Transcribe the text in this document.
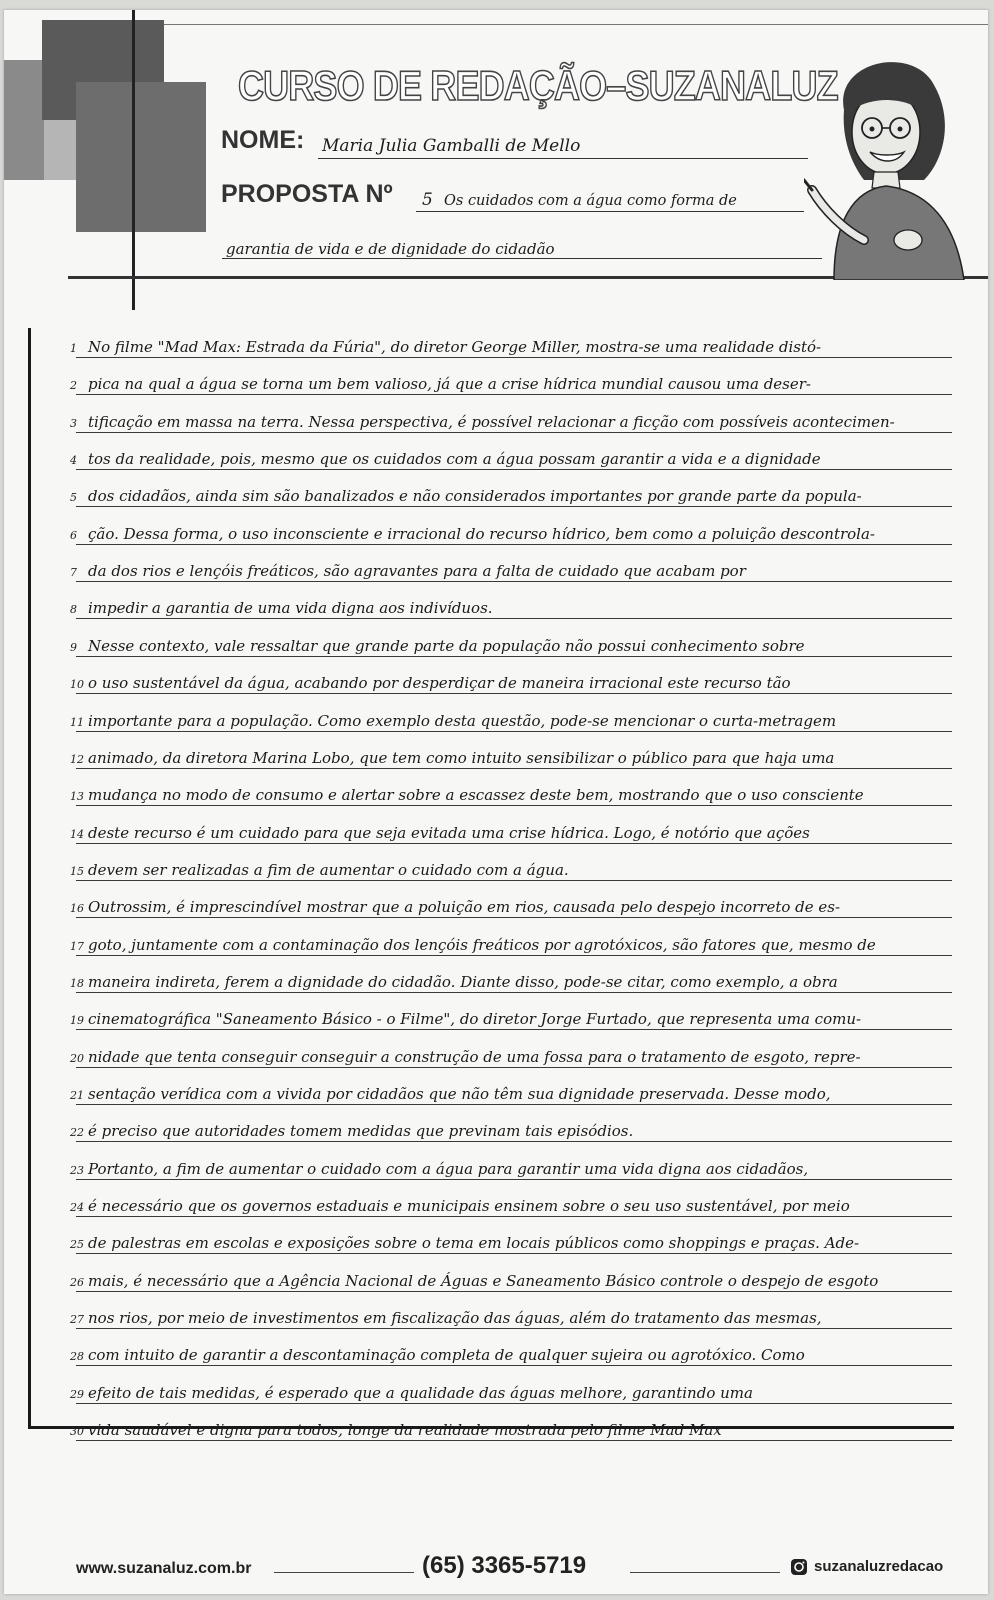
CURSO DE REDAÇÃO–SUZANALUZ
NOME: Maria Julia Gamballi de Mello
PROPOSTA Nº 5 Os cuidados com a água como forma de
garantia de vida e de dignidade do cidadão
1 No filme "Mad Max: Estrada da Fúria", do diretor George Miller, mostra-se uma realidade distó-
2 pica na qual a água se torna um bem valioso, já que a crise hídrica mundial causou uma deser-
3 tificação em massa na terra. Nessa perspectiva, é possível relacionar a ficção com possíveis acontecimen-
4 tos da realidade, pois, mesmo que os cuidados com a água possam garantir a vida e a dignidade
5 dos cidadãos, ainda sim são banalizados e não considerados importantes por grande parte da popula-
6 ção. Dessa forma, o uso inconsciente e irracional do recurso hídrico, bem como a poluição descontrola-
7 da dos rios e lençóis freáticos, são agravantes para a falta de cuidado que acabam por
8 impedir a garantia de uma vida digna aos indivíduos.
9 Nesse contexto, vale ressaltar que grande parte da população não possui conhecimento sobre
10 o uso sustentável da água, acabando por desperdiçar de maneira irracional este recurso tão
11 importante para a população. Como exemplo desta questão, pode-se mencionar o curta-metragem
12 animado, da diretora Marina Lobo, que tem como intuito sensibilizar o público para que haja uma
13 mudança no modo de consumo e alertar sobre a escassez deste bem, mostrando que o uso consciente
14 deste recurso é um cuidado para que seja evitada uma crise hídrica. Logo, é notório que ações
15 devem ser realizadas a fim de aumentar o cuidado com a água.
16 Outrossim, é imprescindível mostrar que a poluição em rios, causada pelo despejo incorreto de es-
17 goto, juntamente com a contaminação dos lençóis freáticos por agrotóxicos, são fatores que, mesmo de
18 maneira indireta, ferem a dignidade do cidadão. Diante disso, pode-se citar, como exemplo, a obra
19 cinematográfica "Saneamento Básico - o Filme", do diretor Jorge Furtado, que representa uma comu-
20 nidade que tenta conseguir conseguir a construção de uma fossa para o tratamento de esgoto, repre-
21 sentação verídica com a vivida por cidadãos que não têm sua dignidade preservada. Desse modo,
22 é preciso que autoridades tomem medidas que previnam tais episódios.
23 Portanto, a fim de aumentar o cuidado com a água para garantir uma vida digna aos cidadãos,
24 é necessário que os governos estaduais e municipais ensinem sobre o seu uso sustentável, por meio
25 de palestras em escolas e exposições sobre o tema em locais públicos como shoppings e praças. Ade-
26 mais, é necessário que a Agência Nacional de Águas e Saneamento Básico controle o despejo de esgoto
27 nos rios, por meio de investimentos em fiscalização das águas, além do tratamento das mesmas,
28 com intuito de garantir a descontaminação completa de qualquer sujeira ou agrotóxico. Como
29 efeito de tais medidas, é esperado que a qualidade das águas melhore, garantindo uma
30 vida saudável e digna para todos, longe da realidade mostrada pelo filme Mad Max
www.suzanaluz.com.br	(65) 3365-5719	suzanaluzredacao
